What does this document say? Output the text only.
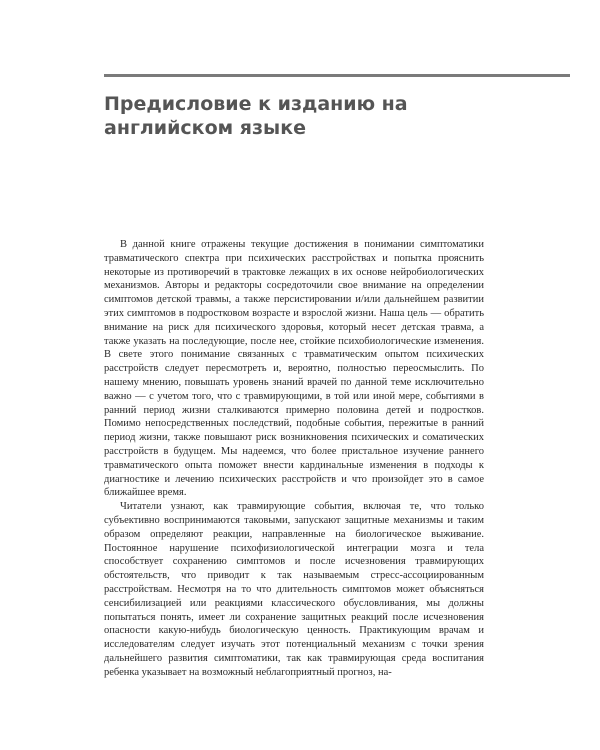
Предисловие к изданию на английском языке

В данной книге отражены текущие достижения в понимании симптоматики травматического спектра при психических расстройствах и попытка прояснить некоторые из противоречий в трактовке лежащих в их основе нейробиологических механизмов. Авторы и редакторы сосредоточили свое внимание на определении симптомов детской травмы, а также персистировании и/или дальнейшем развитии этих симптомов в подростковом возрасте и взрослой жизни. Наша цель — обратить внимание на риск для психического здоровья, который несет детская травма, а также указать на последующие, после нее, стойкие психобиологические изменения. В свете этого понимание связанных с травматическим опытом психических расстройств следует пересмотреть и, вероятно, полностью переосмыслить. По нашему мнению, повышать уровень знаний врачей по данной теме исключительно важно — с учетом того, что с травмирующими, в той или иной мере, событиями в ранний период жизни сталкиваются примерно половина детей и подростков. Помимо непосредственных последствий, подобные события, пережитые в ранний период жизни, также повышают риск возникновения психических и соматических расстройств в будущем. Мы надеемся, что более пристальное изучение раннего травматического опыта поможет внести кардинальные изменения в подходы к диагностике и лечению психических расстройств и что произойдет это в самое ближайшее время.

Читатели узнают, как травмирующие события, включая те, что только субъективно воспринимаются таковыми, запускают защитные механизмы и таким образом определяют реакции, направленные на биологическое выживание. Постоянное нарушение психофизиологической интеграции мозга и тела способствует сохранению симптомов и после исчезновения травмирующих обстоятельств, что приводит к так называемым стресс-ассоциированным расстройствам. Несмотря на то что длительность симптомов может объясняться сенсибилизацией или реакциями классического обусловливания, мы должны попытаться понять, имеет ли сохранение защитных реакций после исчезновения опасности какую-нибудь биологическую ценность. Практикующим врачам и исследователям следует изучать этот потенциальный механизм с точки зрения дальнейшего развития симптоматики, так как травмирующая среда воспитания ребенка указывает на возможный неблагоприятный прогноз, на-
